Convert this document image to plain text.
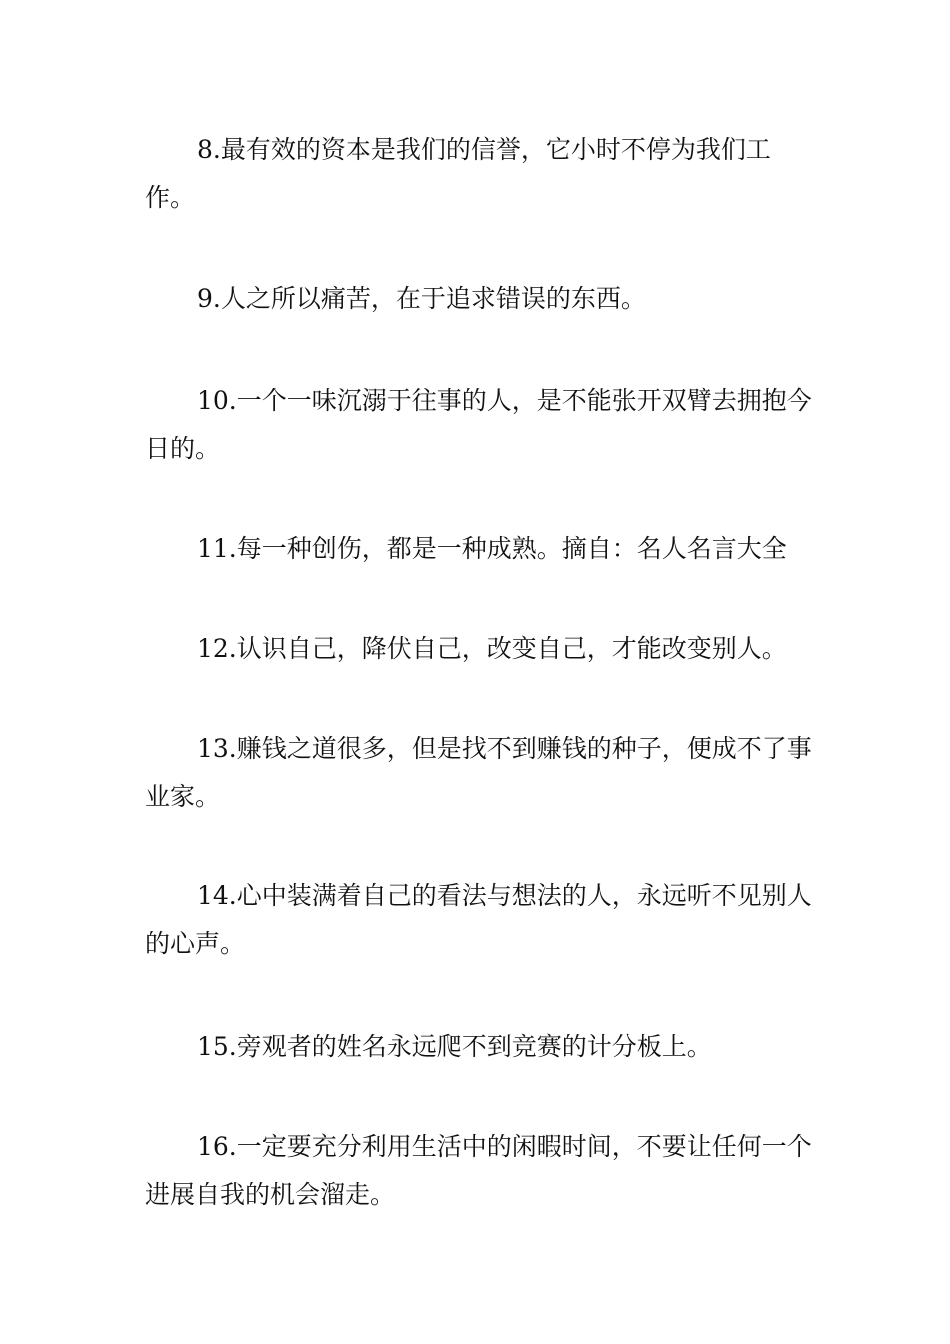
8.最有效的资本是我们的信誉，它小时不停为我们工作。

9.人之所以痛苦，在于追求错误的东西。

10.一个一味沉溺于往事的人，是不能张开双臂去拥抱今日的。

11.每一种创伤，都是一种成熟。摘自：名人名言大全

12.认识自己，降伏自己，改变自己，才能改变别人。

13.赚钱之道很多，但是找不到赚钱的种子，便成不了事业家。

14.心中装满着自己的看法与想法的人，永远听不见别人的心声。

15.旁观者的姓名永远爬不到竞赛的计分板上。

16.一定要充分利用生活中的闲暇时间，不要让任何一个进展自我的机会溜走。
